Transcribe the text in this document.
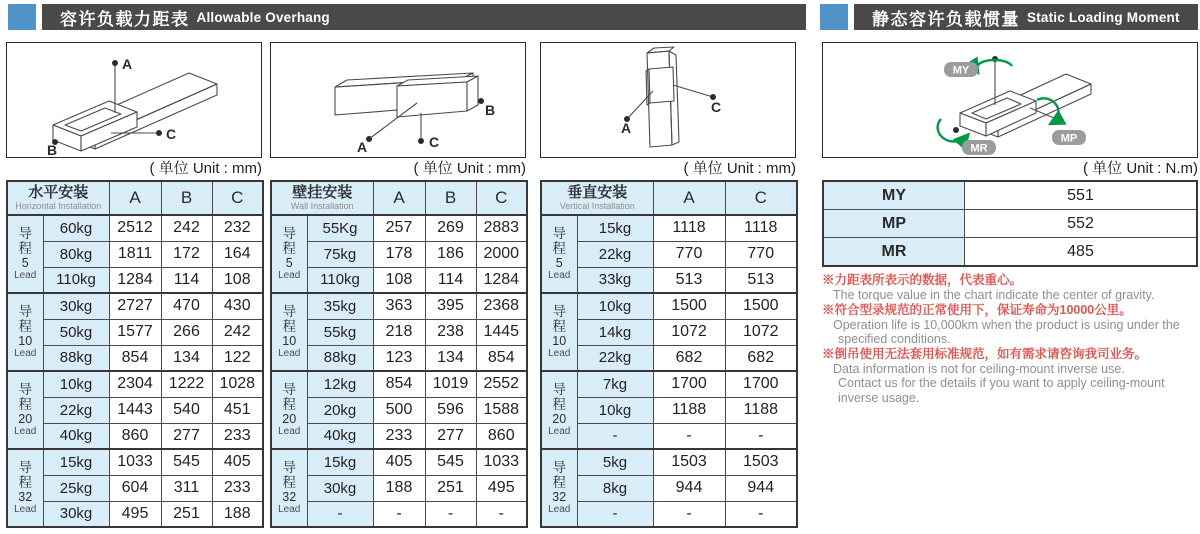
容许负载力距表 Allowable Overhang	静态容许负载惯量 Static Loading Moment
A
B
C
( 单位 Unit : mm)
水平安装
Horizontal Installation		A	B	C

导
程
5
Lead	60kg	2512	242	232
	80kg	1811	172	164
	110kg	1284	114	108

导
程
10
Lead	30kg	2727	470	430
	50kg	1577	266	242
	88kg	854	134	122

导
程
20
Lead	10kg	2304	1222	1028
	22kg	1443	540	451
	40kg	860	277	233

导
程
32
Lead	15kg	1033	545	405
	25kg	604	311	233
	30kg	495	251	188
A
B
C
( 单位 Unit : mm)
壁挂安装
Wall Installation		A	B	C

导
程
5
Lead	55Kg	257	269	2883
	75kg	178	186	2000
	110kg	108	114	1284

导
程
10
Lead	35kg	363	395	2368
	55kg	218	238	1445
	88kg	123	134	854

导
程
20
Lead	12kg	854	1019	2552
	20kg	500	596	1588
	40kg	233	277	860

导
程
32
Lead	15kg	405	545	1033
	30kg	188	251	495
	-	-	-	-
A
C
( 单位 Unit : mm)
垂直安装
Vertical Installation		A	C

导
程
5
Lead	15kg	1118	1118
	22kg	770	770
	33kg	513	513

导
程
10
Lead	10kg	1500	1500
	14kg	1072	1072
	22kg	682	682

导
程
20
Lead	7kg	1700	1700
	10kg	1188	1188
	-	-	-

导
程
32
Lead	5kg	1503	1503
	8kg	944	944
	-	-	-
MY
MP
MR
( 单位 Unit : N.m)
MY	551
MP	552
MR	485
※力距表所表示的数据，代表重心。
The torque value in the chart indicate the center of gravity.
※符合型录规范的正常使用下，保证寿命为10000公里。
Operation life is 10,000km when the product is using under the
specified conditions.
※倒吊使用无法套用标准规范，如有需求请咨询我司业务。
Data information is not for ceiling-mount inverse use.
Contact us for the details if you want to apply ceiling-mount
inverse usage.
